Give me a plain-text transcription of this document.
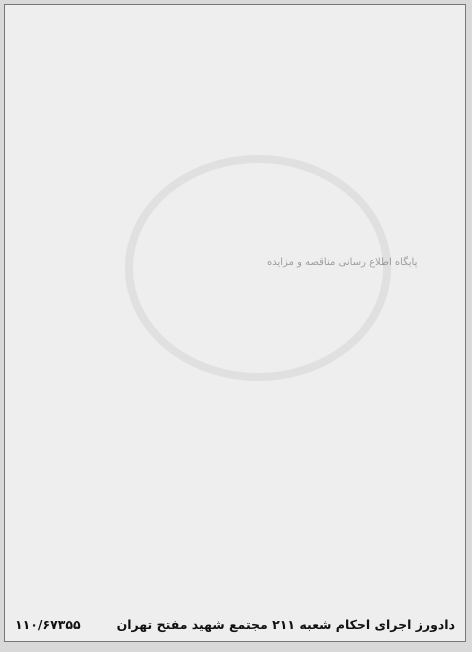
پایگاه اطلاع رسانی مناقصه و مزایده
دادورز اجرای احکام شعبه ۲۱۱ مجتمع شهید مفتح تهران
۱۱۰/۶۷۳۵۵
